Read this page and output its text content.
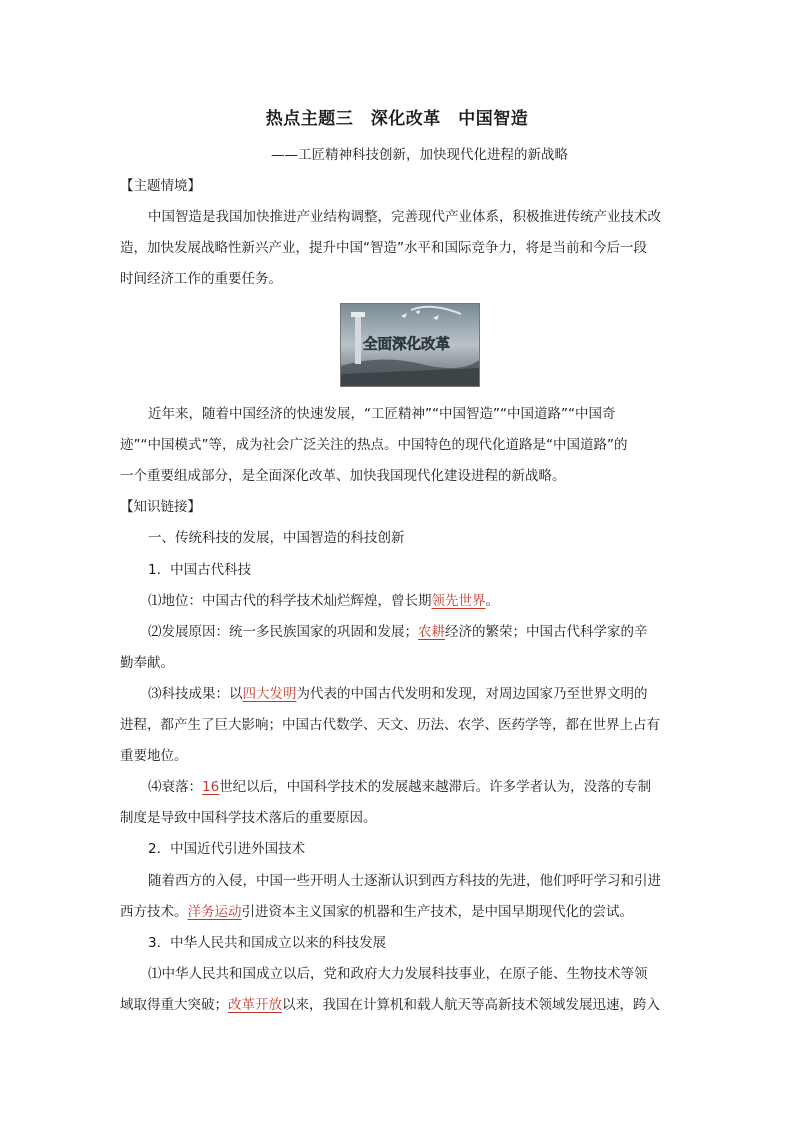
热点主题三　深化改革　中国智造
——工匠精神科技创新，加快现代化进程的新战略
【主题情境】
中国智造是我国加快推进产业结构调整，完善现代产业体系，积极推进传统产业技术改
造，加快发展战略性新兴产业，提升中国“智造”水平和国际竞争力，将是当前和今后一段
时间经济工作的重要任务。
全面深化改革
近年来，随着中国经济的快速发展，“工匠精神”“中国智造”“中国道路”“中国奇
迹”“中国模式”等，成为社会广泛关注的热点。中国特色的现代化道路是“中国道路”的
一个重要组成部分，是全面深化改革、加快我国现代化建设进程的新战略。
【知识链接】
一、传统科技的发展，中国智造的科技创新
1．中国古代科技
⑴地位：中国古代的科学技术灿烂辉煌，曾长期领先世界。
⑵发展原因：统一多民族国家的巩固和发展；农耕经济的繁荣；中国古代科学家的辛
勤奉献。
⑶科技成果：以四大发明为代表的中国古代发明和发现，对周边国家乃至世界文明的
进程，都产生了巨大影响；中国古代数学、天文、历法、农学、医药学等，都在世界上占有
重要地位。
⑷衰落：16世纪以后，中国科学技术的发展越来越滞后。许多学者认为，没落的专制
制度是导致中国科学技术落后的重要原因。
2．中国近代引进外国技术
随着西方的入侵，中国一些开明人士逐渐认识到西方科技的先进，他们呼吁学习和引进
西方技术。洋务运动引进资本主义国家的机器和生产技术，是中国早期现代化的尝试。
3．中华人民共和国成立以来的科技发展
⑴中华人民共和国成立以后，党和政府大力发展科技事业，在原子能、生物技术等领
域取得重大突破；改革开放以来，我国在计算机和载人航天等高新技术领域发展迅速，跨入
